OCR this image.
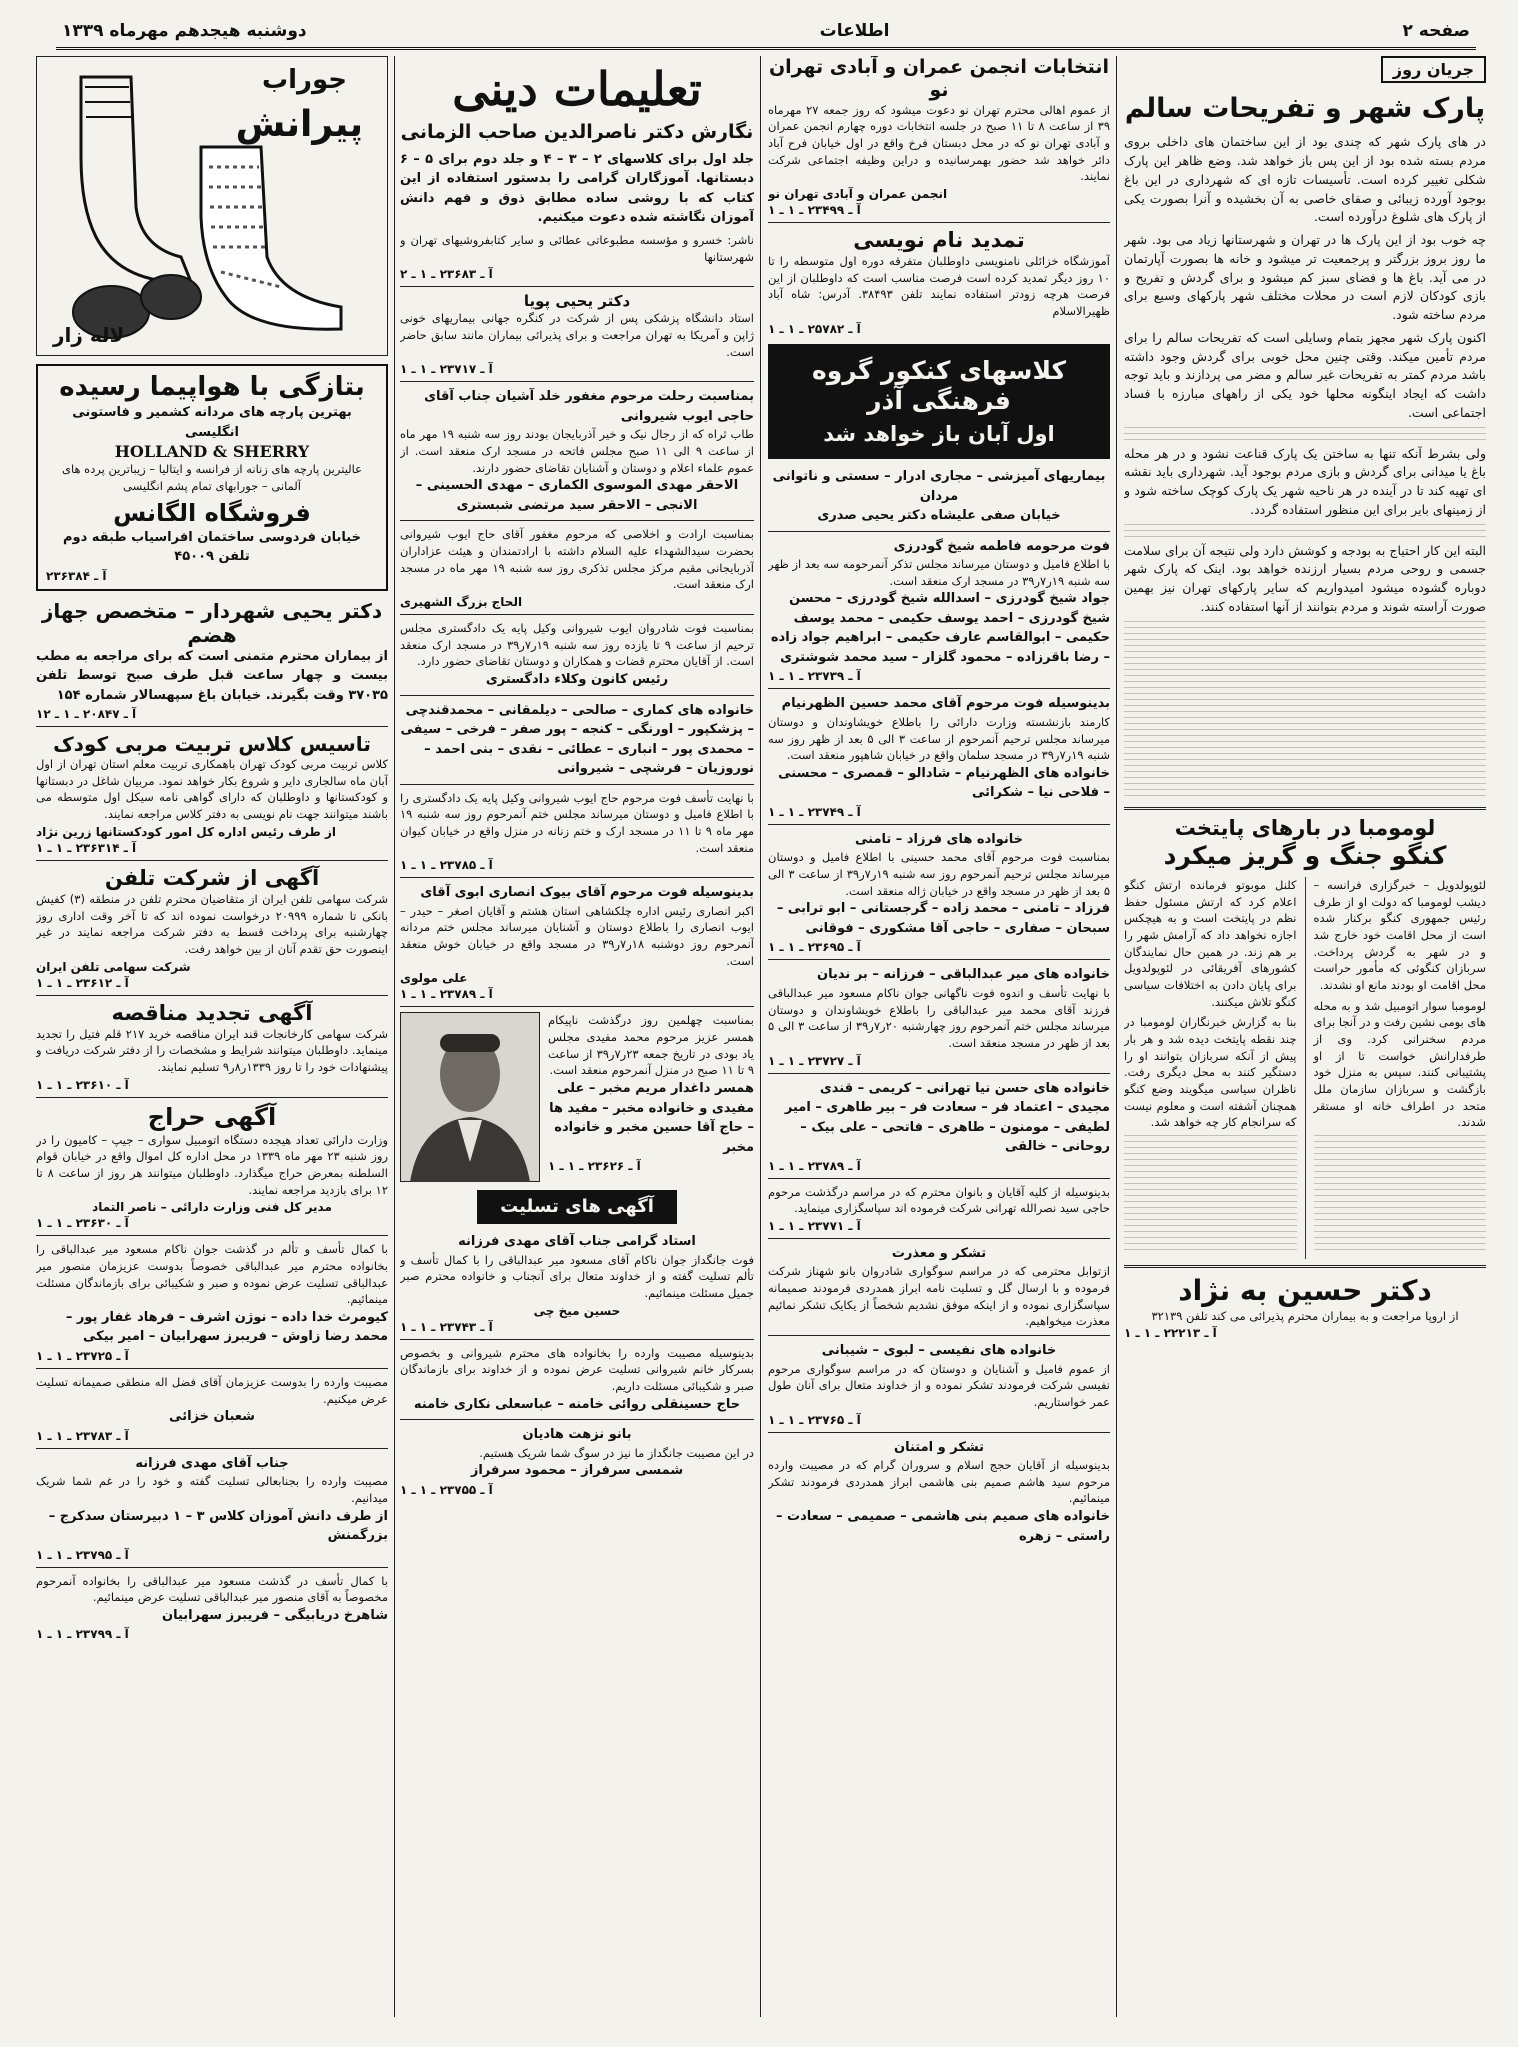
صفحه ۲
اطلاعات
دوشنبه هیجدهم مهرماه ۱۳۳۹
جریان روز
پارک شهر و تفریحات سالم

در های پارک شهر که چندی بود از این ساختمان های داخلی بروی مردم بسته شده بود از این پس باز خواهد شد. وضع ظاهر این پارک شکلی تغییر کرده است. تأسیسات تازه ای که شهرداری در این باغ بوجود آورده زیبائی و صفای خاصی به آن بخشیده و آنرا بصورت یکی از پارک های شلوغ درآورده است.

چه خوب بود از این پارک ها در تهران و شهرستانها زیاد می بود. شهر ما روز بروز بزرگتر و پرجمعیت تر میشود و خانه ها بصورت آپارتمان در می آید. باغ ها و فضای سبز کم میشود و برای گردش و تفریح و بازی کودکان لازم است در محلات مختلف شهر پارکهای وسیع برای مردم ساخته شود.

اکنون پارک شهر مجهز بتمام وسایلی است که تفریحات سالم را برای مردم تأمین میکند. وقتی چنین محل خوبی برای گردش وجود داشته باشد مردم کمتر به تفریحات غیر سالم و مضر می پردازند و باید توجه داشت که ایجاد اینگونه محلها خود یکی از راههای مبارزه با فساد اجتماعی است.

ولی بشرط آنکه تنها به ساختن یک پارک قناعت نشود و در هر محله باغ یا میدانی برای گردش و بازی مردم بوجود آید. شهرداری باید نقشه ای تهیه کند تا در آینده در هر ناحیه شهر یک پارک کوچک ساخته شود و از زمینهای بایر برای این منظور استفاده گردد.

البته این کار احتیاج به بودجه و کوشش دارد ولی نتیجه آن برای سلامت جسمی و روحی مردم بسیار ارزنده خواهد بود. اینک که پارک شهر دوباره گشوده میشود امیدواریم که سایر پارکهای تهران نیز بهمین صورت آراسته شوند و مردم بتوانند از آنها استفاده کنند.

لومومبا در بارهای پایتخت
کنگو جنگ و گریز میکرد

لئوپولدویل – خبرگزاری فرانسه – دیشب لومومبا که دولت او از طرف رئیس جمهوری کنگو برکنار شده است از محل اقامت خود خارج شد و در شهر به گردش پرداخت. سربازان کنگوئی که مأمور حراست محل اقامت او بودند مانع او نشدند.

لومومبا سوار اتومبیل شد و به محله های بومی نشین رفت و در آنجا برای مردم سخنرانی کرد. وی از طرفدارانش خواست تا از او پشتیبانی کنند. سپس به منزل خود بازگشت و سربازان سازمان ملل متحد در اطراف خانه او مستقر شدند.

کلنل موبوتو فرمانده ارتش کنگو اعلام کرد که ارتش مسئول حفظ نظم در پایتخت است و به هیچکس اجازه نخواهد داد که آرامش شهر را بر هم زند. در همین حال نمایندگان کشورهای آفریقائی در لئوپولدویل برای پایان دادن به اختلافات سیاسی کنگو تلاش میکنند.

بنا به گزارش خبرنگاران لومومبا در چند نقطه پایتخت دیده شد و هر بار پیش از آنکه سربازان بتوانند او را دستگیر کنند به محل دیگری رفت. ناظران سیاسی میگویند وضع کنگو همچنان آشفته است و معلوم نیست که سرانجام کار چه خواهد شد.

دکتر حسین به نژاد

از اروپا مراجعت و به بیماران محترم پذیرائی می کند تلفن ۳۲۱۳۹

آ ـ ۲۲۲۱۳ ـ ۱ ـ ۱
انتخابات انجمن عمران و آبادی تهران نو

از عموم اهالی محترم تهران نو دعوت میشود که روز جمعه ۲۷ مهرماه ۳۹ از ساعت ۸ تا ۱۱ صبح در جلسه انتخابات دوره چهارم انجمن عمران و آبادی تهران نو که در محل دبستان فرخ واقع در اول خیابان فرح آباد دائر خواهد شد حضور بهمرسانیده و دراین وظیفه اجتماعی شرکت نمایند.

انجمن عمران و آبادی تهران نو
آ ـ ۲۳۴۹۹ ـ ۱ ـ ۱
تمدید نام نویسی

آموزشگاه خزائلی نامنویسی داوطلبان متفرقه دوره اول متوسطه را تا ۱۰ روز دیگر تمدید کرده است فرصت مناسب است که داوطلبان از این فرصت هرچه زودتر استفاده نمایند تلفن ۳۸۴۹۳. آدرس: شاه آباد ظهیرالاسلام

آ ـ ۲۵۷۸۲ ـ ۱ ـ ۱
کلاسهای کنکور گروه فرهنگی آذر
اول آبان باز خواهد شد
بیماریهای آمیزشی – مجاری ادرار – سستی و ناتوانی مردان
خیابان صفی علیشاه دکتر یحیی صدری
فوت مرحومه فاطمه شیخ گودرزی

با اطلاع فامیل و دوستان میرساند مجلس تذکر آنمرحومه سه بعد از ظهر سه شنبه ۱۹ر۷ر۳۹ در مسجد ارک منعقد است.

جواد شیخ گودرزی – اسدالله شیخ گودرزی – محسن شیخ گودرزی – احمد یوسف حکیمی – محمد یوسف حکیمی – ابوالقاسم عارف حکیمی – ابراهیم جواد زاده – رضا باقرزاده – محمود گلزار – سید محمد شوشتری
آ ـ ۲۳۷۳۹ ـ ۱ ـ ۱
بدینوسیله فوت مرحوم آقای محمد حسین الظهرنیام

کارمند بازنشسته وزارت دارائی را باطلاع خویشاوندان و دوستان میرساند مجلس ترحیم آنمرحوم از ساعت ۳ الی ۵ بعد از ظهر روز سه شنبه ۱۹ر۷ر۳۹ در مسجد سلمان واقع در خیابان شاهپور منعقد است.

خانواده های الظهرنیام – شادالو – قمصری – محسنی – فلاحی نیا – شکرائی
آ ـ ۲۳۷۴۹ ـ ۱ ـ ۱
خانواده های فرزاد – تامنی

بمناسبت فوت مرحوم آقای محمد حسینی با اطلاع فامیل و دوستان میرساند مجلس ترحیم آنمرحوم روز سه شنبه ۱۹ر۷ر۳۹ از ساعت ۳ الی ۵ بعد از ظهر در مسجد واقع در خیابان ژاله منعقد است.

فرزاد – تامنی – محمد زاده – گرجستانی – ابو ترابی – سبحان – صفاری – حاجی آقا مشکوری – فوقانی
آ ـ ۲۳۶۹۵ ـ ۱ ـ ۱
خانواده های میر عبدالباقی – فرزانه – بر ندیان

با نهایت تأسف و اندوه فوت ناگهانی جوان ناکام مسعود میر عبدالباقی فرزند آقای محمد میر عبدالباقی را باطلاع خویشاوندان و دوستان میرساند مجلس ختم آنمرحوم روز چهارشنبه ۲۰ر۷ر۳۹ از ساعت ۳ الی ۵ بعد از ظهر در مسجد منعقد است.

آ ـ ۲۳۷۲۷ ـ ۱ ـ ۱
خانواده های حسن نیا تهرانی – کریمی – قندی
مجیدی – اعتماد فر – سعادت فر – بیر طاهری – امیر لطیفی – مومنون – طاهری – فاتحی – علی بیک – روحانی – خالقی
آ ـ ۲۳۷۸۹ ـ ۱ ـ ۱

بدینوسیله از کلیه آقایان و بانوان محترم که در مراسم درگذشت مرحوم حاجی سید نصرالله تهرانی شرکت فرموده اند سپاسگزاری مینماید.

آ ـ ۲۳۷۷۱ ـ ۱ ـ ۱
تشکر و معذرت

ازتوابل محترمی که در مراسم سوگواری شادروان بانو شهناز شرکت فرموده و با ارسال گل و تسلیت نامه ابراز همدردی فرمودند صمیمانه سپاسگزاری نموده و از اینکه موفق نشدیم شخصاً از یکایک تشکر نمائیم معذرت میخواهیم.

خانواده های نفیسی – لبوی – شیبانی

از عموم فامیل و آشنایان و دوستان که در مراسم سوگواری مرحوم نفیسی شرکت فرمودند تشکر نموده و از خداوند متعال برای آنان طول عمر خواستاریم.

آ ـ ۲۳۷۶۵ ـ ۱ ـ ۱
تشکر و امتنان

بدینوسیله از آقایان حجج اسلام و سروران گرام که در مصیبت وارده مرحوم سید هاشم صمیم بنی هاشمی ابراز همدردی فرمودند تشکر مینمائیم.

خانواده های صمیم بنی هاشمی – صمیمی – سعادت – راستی – زهره
تعلیمات دینی
نگارش دکتر ناصرالدین صاحب الزمانی

جلد اول برای کلاسهای ۲ – ۳ – ۴ و جلد دوم برای ۵ – ۶ دبستانها. آموزگاران گرامی را بدستور استفاده از این کتاب که با روشی ساده مطابق ذوق و فهم دانش آموزان نگاشته شده دعوت میکنیم.

ناشر: خسرو و مؤسسه مطبوعاتی عطائی و سایر کتابفروشیهای تهران و شهرستانها

آ ـ ۲۳۶۸۳ ـ ۱ ـ ۲
دکتر یحیی پویا

استاد دانشگاه پزشکی پس از شرکت در کنگره جهانی بیماریهای خونی ژاپن و آمریکا به تهران مراجعت و برای پذیرائی بیماران مانند سابق حاضر است.

آ ـ ۲۳۷۱۷ ـ ۱ ـ ۱
بمناسبت رحلت مرحوم مغفور خلد آشیان جناب آقای حاجی ایوب شیروانی

طاب ثراه که از رجال نیک و خیر آذربایجان بودند روز سه شنبه ۱۹ مهر ماه از ساعت ۹ الی ۱۱ صبح مجلس فاتحه در مسجد ارک منعقد است. از عموم علماء اعلام و دوستان و آشنایان تقاضای حضور دارند.

الاحقر مهدی الموسوی الکماری – مهدی الحسینی – الانجی – الاحقر سید مرتضی شبستری

بمناسبت ارادت و اخلاصی که مرحوم مغفور آقای حاج ایوب شیروانی بحضرت سیدالشهداء علیه السلام داشته با ارادتمندان و هیئت عزاداران آذربایجانی مقیم مرکز مجلس تذکری روز سه شنبه ۱۹ مهر ماه در مسجد ارک منعقد است.

الحاج بزرگ الشهیری

بمناسبت فوت شادروان ایوب شیروانی وکیل پایه یک دادگستری مجلس ترحیم از ساعت ۹ تا یازده روز سه شنبه ۱۹ر۷ر۳۹ در مسجد ارک منعقد است. از آقایان محترم قضات و همکاران و دوستان تقاضای حضور دارد.

رئیس کانون وکلاء دادگستری
خانواده های کماری – صالحی – دیلمقانی – محمدقندچی – پزشکپور – اورنگی – کنجه – پور صفر – فرخی – سیفی – محمدی پور – انباری – عطائی – نقدی – بنی احمد – نوروزیان – فرشچی – شیروانی

با نهایت تأسف فوت مرحوم حاج ایوب شیروانی وکیل پایه یک دادگستری را با اطلاع فامیل و دوستان میرساند مجلس ختم آنمرحوم روز سه شنبه ۱۹ مهر ماه ۹ تا ۱۱ در مسجد ارک و ختم زنانه در منزل واقع در خیابان کیوان منعقد است.

آ ـ ۲۳۷۸۵ ـ ۱ ـ ۱
بدینوسیله فوت مرحوم آقای بیوک انصاری ابوی آقای

اکبر انصاری رئیس اداره چلکشاهی استان هشتم و آقایان اصغر – حیدر – ایوب انصاری را باطلاع دوستان و آشنایان میرساند مجلس ختم مردانه آنمرحوم روز دوشنبه ۱۸ر۷ر۳۹ در مسجد واقع در خیابان خوش منعقد است.

علی مولوی
آ ـ ۲۳۷۸۹ ـ ۱ ـ ۱

بمناسبت چهلمین روز درگذشت ناپیکام همسر عزیز مرحوم محمد مفیدی مجلس یاد بودی در تاریخ جمعه ۲۳ر۷ر۳۹ از ساعت ۹ تا ۱۱ صبح در منزل آنمرحوم منعقد است.

همسر داغدار مریم مخبر – علی مفیدی و خانواده مخبر – مفید ها – حاج آقا حسین مخبر و خانواده مخبر
آ ـ ۲۳۶۲۶ ـ ۱ ـ ۱
آگهی های تسلیت
استاد گرامی جناب آقای مهدی فرزانه

فوت جانگداز جوان ناکام آقای مسعود میر عبدالباقی را با کمال تأسف و تألم تسلیت گفته و از خداوند متعال برای آنجناب و خانواده محترم صبر جمیل مسئلت مینمائیم.

حسین میخ چی
آ ـ ۲۳۷۴۳ ـ ۱ ـ ۱

بدینوسیله مصیبت وارده را بخانواده های محترم شیروانی و بخصوص بسرکار خانم شیروانی تسلیت عرض نموده و از خداوند برای بازماندگان صبر و شکیبائی مسئلت داریم.

حاج حسینقلی روائی خامنه – عباسعلی نکاری خامنه
بانو نزهت هادیان

در این مصیبت جانگداز ما نیز در سوگ شما شریک هستیم.

شمسی سرفراز – محمود سرفراز
آ ـ ۲۳۷۵۵ ـ ۱ ـ ۱
جوراب
پیرانش
لاله زار
بتازگی با هواپیما رسیده
بهترین پارچه های مردانه کشمیر و فاستونی انگلیسی
HOLLAND & SHERRY

عالیترین پارچه های زنانه از فرانسه و ایتالیا – زیباترین پرده های آلمانی – جورابهای تمام پشم انگلیسی

فروشگاه الگانس
خیابان فردوسی ساختمان افراسیاب طبقه دوم تلفن ۴۵۰۰۹
آ ـ ۲۳۶۳۸۴
دکتر یحیی شهردار – متخصص جهاز هضم

از بیماران محترم متمنی است که برای مراجعه به مطب بیست و چهار ساعت قبل طرف صبح توسط تلفن ۳۷۰۳۵ وقت بگیرند. خیابان باغ سپهسالار شماره ۱۵۴

آ ـ ۲۰۸۴۷ ـ ۱ ـ ۱۲
تاسیس کلاس تربیت مربی کودک

کلاس تربیت مربی کودک تهران باهمکاری تربیت معلم استان تهران از اول آبان ماه سالجاری دایر و شروع بکار خواهد نمود. مربیان شاغل در دبستانها و کودکستانها و داوطلبان که دارای گواهی نامه سیکل اول متوسطه می باشند میتوانند جهت نام نویسی به دفتر کلاس مراجعه نمایند.

از طرف رئیس اداره کل امور کودکستانها زرین نژاد
آ ـ ۲۳۶۳۱۴ ـ ۱ ـ ۱
آگهی از شرکت تلفن

شرکت سهامی تلفن ایران از متقاضیان محترم تلفن در منطقه (۳) کفیش بانکی تا شماره ۲۰۹۹۹ درخواست نموده اند که تا آخر وقت اداری روز چهارشنبه برای پرداخت قسط به دفتر شرکت مراجعه نمایند در غیر اینصورت حق تقدم آنان از بین خواهد رفت.

شرکت سهامی تلفن ایران
آ ـ ۲۳۶۱۲ ـ ۱ ـ ۱
آگهی تجدید مناقصه

شرکت سهامی کارخانجات قند ایران مناقصه خرید ۲۱۷ قلم فتیل را تجدید مینماید. داوطلبان میتوانند شرایط و مشخصات را از دفتر شرکت دریافت و پیشنهادات خود را تا روز ۱۳۳۹ر۸ر۹ تسلیم نمایند.

آ ـ ۲۳۶۱۰ ـ ۱ ـ ۱
آگهی حراج

وزارت دارائی تعداد هیجده دستگاه اتومبیل سواری – جیپ – کامیون را در روز شنبه ۲۳ مهر ماه ۱۳۳۹ در محل اداره کل اموال واقع در خیابان قوام السلطنه بمعرض حراج میگذارد. داوطلبان میتوانند هر روز از ساعت ۸ تا ۱۲ برای بازدید مراجعه نمایند.

مدیر کل فنی وزارت دارائی – ناصر التماد
آ ـ ۲۳۶۳۰ ـ ۱ ـ ۱

با کمال تأسف و تألم در گذشت جوان ناکام مسعود میر عبدالباقی را بخانواده محترم میر عبدالباقی خصوصاً بدوست عزیزمان منصور میر عبدالباقی تسلیت عرض نموده و صبر و شکیبائی برای بازماندگان مسئلت مینمائیم.

کیومرث خدا داده – نوژن اشرف – فرهاد غفار پور – محمد رضا زاوش – فریبرز سهرابیان – امیر بیکی
آ ـ ۲۳۷۲۵ ـ ۱ ـ ۱

مصیبت وارده را بدوست عزیزمان آقای فضل اله منطقی صمیمانه تسلیت عرض میکنیم.

شعبان خزائی
آ ـ ۲۳۷۸۳ ـ ۱ ـ ۱
جناب آقای مهدی فرزانه

مصیبت وارده را بجنابعالی تسلیت گفته و خود را در غم شما شریک میدانیم.

از طرف دانش آموزان کلاس ۳ – ۱ دبیرستان سدکرج – بزرگمنش
آ ـ ۲۳۷۹۵ ـ ۱ ـ ۱

با کمال تأسف در گذشت مسعود میر عبدالباقی را بخانواده آنمرحوم مخصوصاً به آقای منصور میر عبدالباقی تسلیت عرض مینمائیم.

شاهرخ دریابیگی – فریبرز سهرابیان
آ ـ ۲۳۷۹۹ ـ ۱ ـ ۱
